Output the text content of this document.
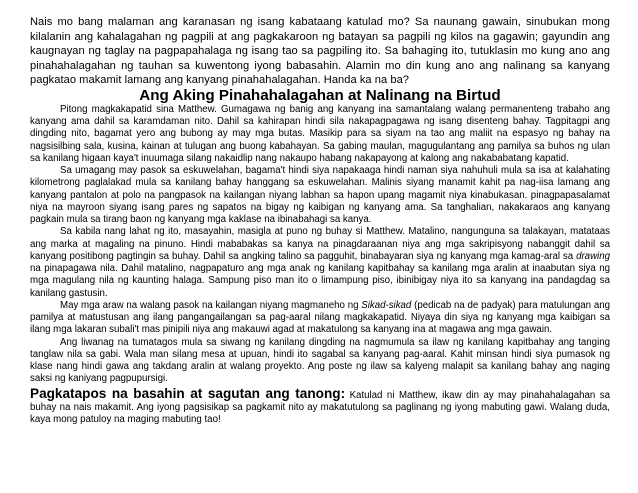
Nais mo bang malaman ang karanasan ng isang kabataang katulad mo? Sa naunang gawain, sinubukan mong kilalanin ang kahalagahan ng pagpili at ang pagkakaroon ng batayan sa pagpili ng kilos na gagawin; gayundin ang kaugnayan ng taglay na pagpapahalaga ng isang tao sa pagpiling ito. Sa bahaging ito, tutuklasin mo kung ano ang pinahahalagahan ng tauhan sa kuwentong iyong babasahin. Alamin mo din kung ano ang nalinang sa kanyang pagkatao makamit lamang ang kanyang pinahahalagahan. Handa ka na ba?

Ang Aking Pinahahalagahan at Nalinang na Birtud

Pitong magkakapatid sina Matthew. Gumagawa ng banig ang kanyang ina samantalang walang permanenteng trabaho ang kanyang ama dahil sa karamdaman nito. Dahil sa kahirapan hindi sila nakapagpagawa ng isang disenteng bahay. Tagpitagpi ang dingding nito, bagamat yero ang bubong ay may mga butas. Masikip para sa siyam na tao ang maliit na espasyo ng bahay na nagsisilbing sala, kusina, kainan at tulugan ang buong kabahayan. Sa gabing maulan, magugulantang ang pamilya sa buhos ng ulan sa kanilang higaan kaya't inuumaga silang nakaidlip nang nakaupo habang nakapayong at kalong ang nakababatang kapatid.

Sa umagang may pasok sa eskuwelahan, bagama't hindi siya napakaaga hindi naman siya nahuhuli mula sa isa at kalahating kilometrong paglalakad mula sa kanilang bahay hanggang sa eskuwelahan. Malinis siyang manamit kahit pa nag-iisa lamang ang kanyang pantalon at polo na pangpasok na kailangan niyang labhan sa hapon upang magamit niya kinabukasan. pinagpapasalamat niya na mayroon siyang isang pares ng sapatos na bigay ng kaibigan ng kanyang ama. Sa tanghalian, nakakaraos ang kanyang pagkain mula sa tirang baon ng kanyang mga kaklase na ibinabahagi sa kanya.

Sa kabila nang lahat ng ito, masayahin, masigla at puno ng buhay si Matthew. Matalino, nangunguna sa talakayan, matataas ang marka at magaling na pinuno. Hindi mababakas sa kanya na pinagdaraanan niya ang mga sakripisyong nabanggit dahil sa kanyang positibong pagtingin sa buhay. Dahil sa angking talino sa pagguhit, binabayaran siya ng kanyang mga kamag-aral sa drawing na pinapagawa nila. Dahil matalino, nagpapaturo ang mga anak ng kanilang kapitbahay sa kanilang mga aralin at inaabutan siya ng mga magulang nila ng kaunting halaga. Sampung piso man ito o limampung piso, ibinibigay niya ito sa kanyang ina pandagdag sa kanilang gastusin.

May mga araw na walang pasok na kailangan niyang magmaneho ng Sikad-sikad (pedicab na de padyak) para matulungan ang pamilya at matustusan ang ilang pangangailangan sa pag-aaral nilang magkakapatid. Niyaya din siya ng kanyang mga kaibigan sa ilang mga lakaran subali't mas pinipili niya ang makauwi agad at makatulong sa kanyang ina at magawa ang mga gawain.

Ang liwanag na tumatagos mula sa siwang ng kanilang dingding na nagmumula sa ilaw ng kanilang kapitbahay ang tanging tanglaw nila sa gabi. Wala man silang mesa at upuan, hindi ito sagabal sa kanyang pag-aaral. Kahit minsan hindi siya pumasok ng klase nang hindi gawa ang takdang aralin at walang proyekto. Ang poste ng ilaw sa kalyeng malapit sa kanilang bahay ang naging saksi ng kaniyang pagpupursigi.

Pagkatapos na basahin at sagutan ang tanong: Katulad ni Matthew, ikaw din ay may pinahahalagahan sa buhay na nais makamit. Ang iyong pagsisikap sa pagkamit nito ay makatutulong sa paglinang ng iyong mabuting gawi. Walang duda, kaya mong patuloy na maging mabuting tao!
